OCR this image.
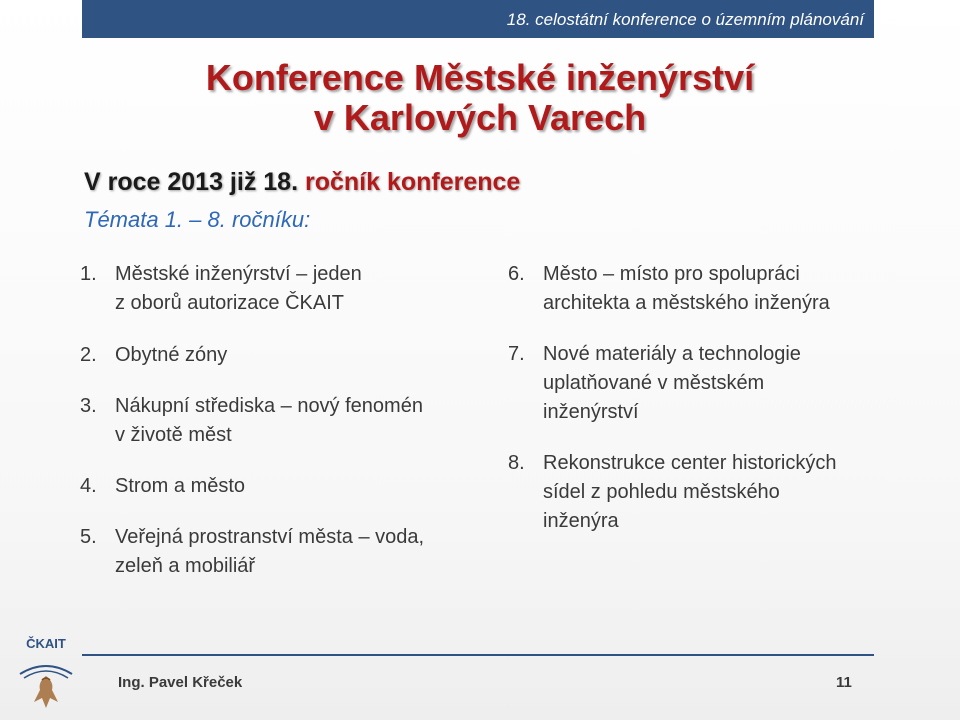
18. celostátní konference o územním plánování
Konference Městské inženýrství
v Karlových Varech
V roce 2013 již 18. ročník konference
Témata 1. – 8. ročníku:
1. Městské inženýrství – jeden
z oborů autorizace ČKAIT
2. Obytné zóny
3. Nákupní střediska – nový fenomén
v životě měst
4. Strom a město
5. Veřejná prostranství města – voda,
zeleň a mobiliář
6. Město – místo pro spolupráci
architekta a městského inženýra
7. Nové materiály a technologie
uplatňované v městském
inženýrství
8. Rekonstrukce center historických
sídel z pohledu městského
inženýra
ČKAIT
Ing. Pavel Křeček	11
